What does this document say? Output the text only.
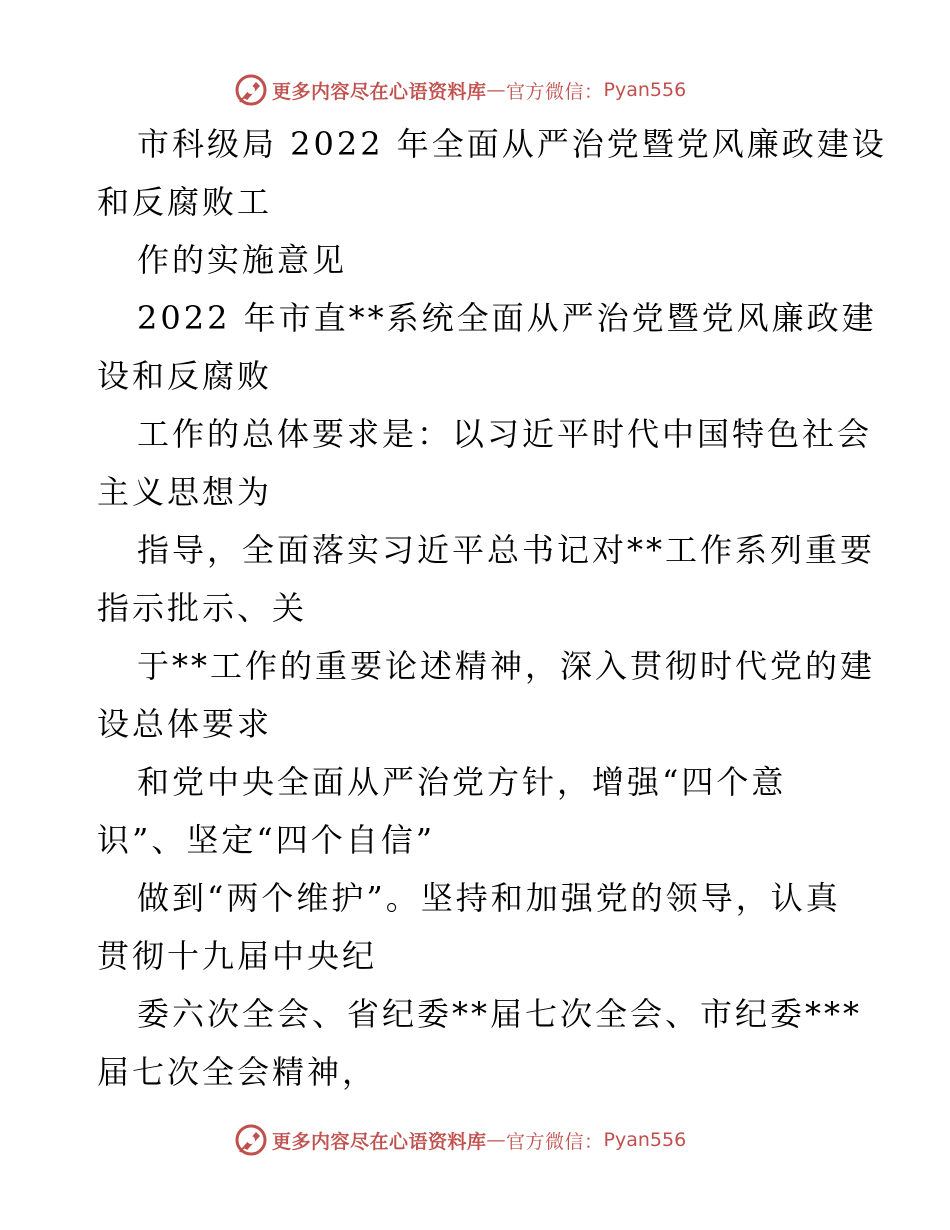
更多内容尽在心语资料库 — 官方微信： Pyan556
市科级局 2022 年全面从严治党暨党风廉政建设
和反腐败工
作的实施意见
2022 年市直**系统全面从严治党暨党风廉政建
设和反腐败
工作的总体要求是：以习近平时代中国特色社会
主义思想为
指导，全面落实习近平总书记对**工作系列重要
指示批示、关
于**工作的重要论述精神，深入贯彻时代党的建
设总体要求
和党中央全面从严治党方针，增强“四个意
识”、坚定“四个自信”
做到“两个维护”。坚持和加强党的领导，认真
贯彻十九届中央纪
委六次全会、省纪委**届七次全会、市纪委***
届七次全会精神，
更多内容尽在心语资料库 — 官方微信： Pyan556
